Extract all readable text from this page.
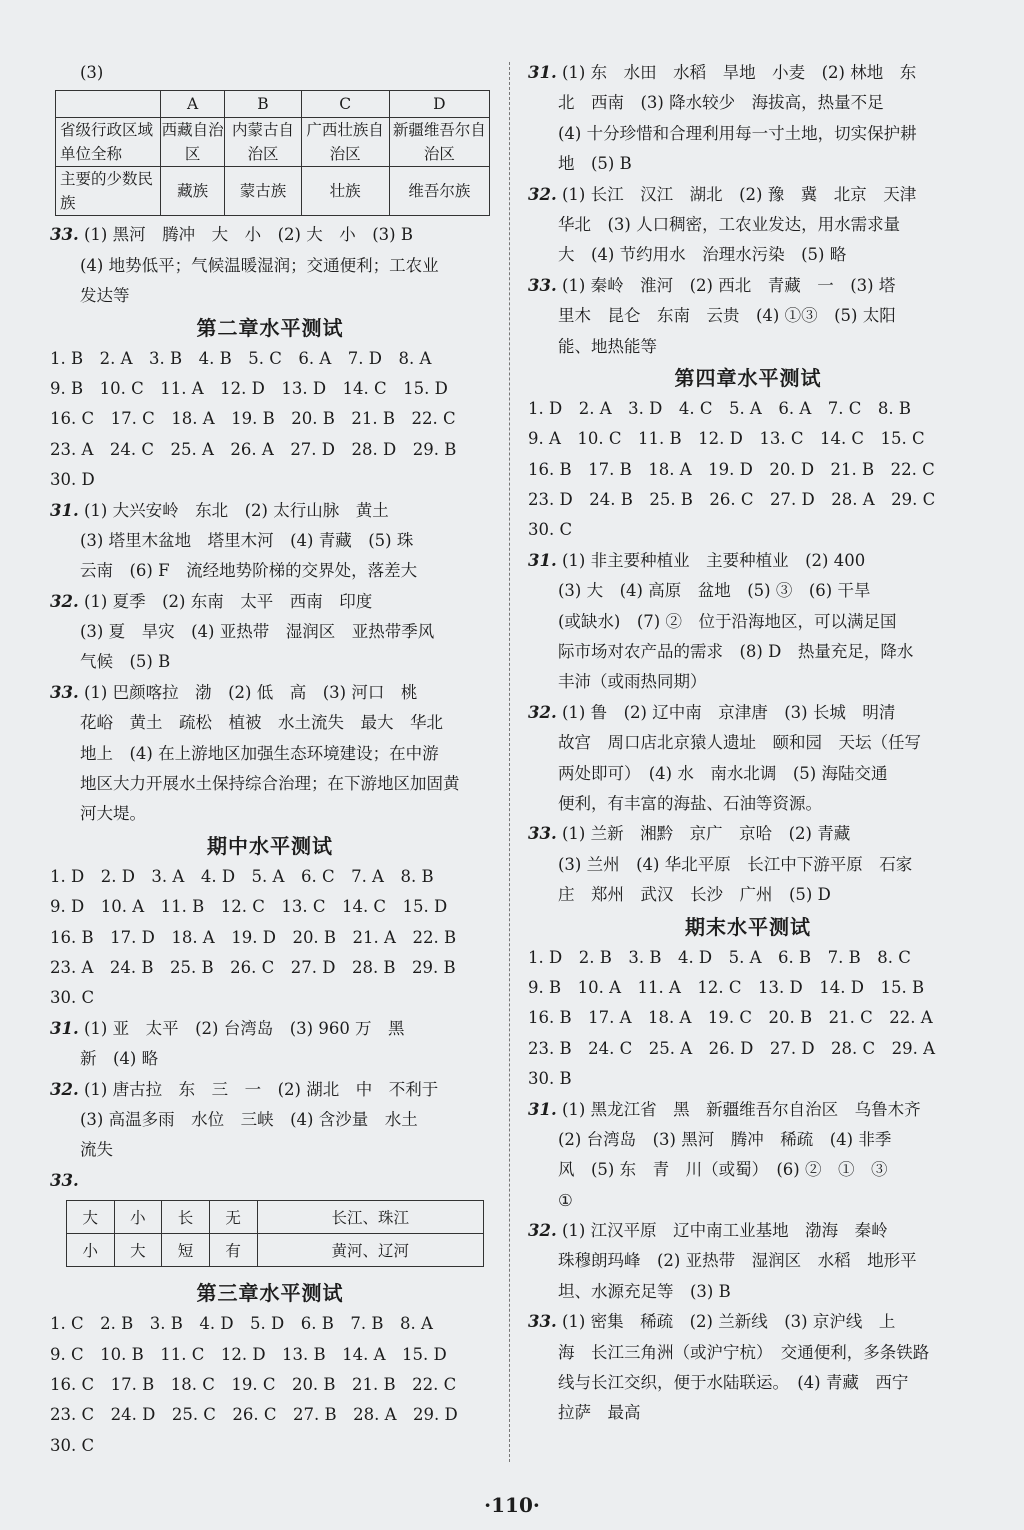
(3)
	A	B	C	D
省级行政区域单位全称	西藏自治区	内蒙古自治区	广西壮族自治区	新疆维吾尔自治区
主要的少数民族	藏族	蒙古族	壮族	维吾尔族
33. (1) 黑河　腾冲　大　小　(2) 大　小　(3) B
(4) 地势低平；气候温暖湿润；交通便利；工农业
发达等
第二章水平测试
1. B　2. A　3. B　4. B　5. C　6. A　7. D　8. A
9. B　10. C　11. A　12. D　13. D　14. C　15. D
16. C　17. C　18. A　19. B　20. B　21. B　22. C
23. A　24. C　25. A　26. A　27. D　28. D　29. B
30. D
31. (1) 大兴安岭　东北　(2) 太行山脉　黄土
(3) 塔里木盆地　塔里木河　(4) 青藏　(5) 珠
云南　(6) F　流经地势阶梯的交界处，落差大
32. (1) 夏季　(2) 东南　太平　西南　印度
(3) 夏　旱灾　(4) 亚热带　湿润区　亚热带季风
气候　(5) B
33. (1) 巴颜喀拉　渤　(2) 低　高　(3) 河口　桃
花峪　黄土　疏松　植被　水土流失　最大　华北
地上　(4) 在上游地区加强生态环境建设；在中游
地区大力开展水土保持综合治理；在下游地区加固黄
河大堤。
期中水平测试
1. D　2. D　3. A　4. D　5. A　6. C　7. A　8. B
9. D　10. A　11. B　12. C　13. C　14. C　15. D
16. B　17. D　18. A　19. D　20. B　21. A　22. B
23. A　24. B　25. B　26. C　27. D　28. B　29. B
30. C
31. (1) 亚　太平　(2) 台湾岛　(3) 960 万　黑
新　(4) 略
32. (1) 唐古拉　东　三　一　(2) 湖北　中　不利于
(3) 高温多雨　水位　三峡　(4) 含沙量　水土
流失
33.
大	小	长	无	长江、珠江
小	大	短	有	黄河、辽河
第三章水平测试
1. C　2. B　3. B　4. D　5. D　6. B　7. B　8. A
9. C　10. B　11. C　12. D　13. B　14. A　15. D
16. C　17. B　18. C　19. C　20. B　21. B　22. C
23. C　24. D　25. C　26. C　27. B　28. A　29. D
30. C
31. (1) 东　水田　水稻　旱地　小麦　(2) 林地　东
北　西南　(3) 降水较少　海拔高，热量不足
(4) 十分珍惜和合理利用每一寸土地，切实保护耕
地　(5) B
32. (1) 长江　汉江　湖北　(2) 豫　冀　北京　天津
华北　(3) 人口稠密，工农业发达，用水需求量
大　(4) 节约用水　治理水污染　(5) 略
33. (1) 秦岭　淮河　(2) 西北　青藏　一　(3) 塔
里木　昆仑　东南　云贵　(4) ①③　(5) 太阳
能、地热能等
第四章水平测试
1. D　2. A　3. D　4. C　5. A　6. A　7. C　8. B
9. A　10. C　11. B　12. D　13. C　14. C　15. C
16. B　17. B　18. A　19. D　20. D　21. B　22. C
23. D　24. B　25. B　26. C　27. D　28. A　29. C
30. C
31. (1) 非主要种植业　主要种植业　(2) 400
(3) 大　(4) 高原　盆地　(5) ③　(6) 干旱
(或缺水)　(7) ②　位于沿海地区，可以满足国
际市场对农产品的需求　(8) D　热量充足，降水
丰沛（或雨热同期）
32. (1) 鲁　(2) 辽中南　京津唐　(3) 长城　明清
故宫　周口店北京猿人遗址　颐和园　天坛（任写
两处即可）　(4) 水　南水北调　(5) 海陆交通
便利，有丰富的海盐、石油等资源。
33. (1) 兰新　湘黔　京广　京哈　(2) 青藏
(3) 兰州　(4) 华北平原　长江中下游平原　石家
庄　郑州　武汉　长沙　广州　(5) D
期末水平测试
1. D　2. B　3. B　4. D　5. A　6. B　7. B　8. C
9. B　10. A　11. A　12. C　13. D　14. D　15. B
16. B　17. A　18. A　19. C　20. B　21. C　22. A
23. B　24. C　25. A　26. D　27. D　28. C　29. A
30. B
31. (1) 黑龙江省　黑　新疆维吾尔自治区　乌鲁木齐
(2) 台湾岛　(3) 黑河　腾冲　稀疏　(4) 非季
风　(5) 东　青　川（或蜀）　(6) ②　①　③
①
32. (1) 江汉平原　辽中南工业基地　渤海　秦岭
珠穆朗玛峰　(2) 亚热带　湿润区　水稻　地形平
坦、水源充足等　(3) B
33. (1) 密集　稀疏　(2) 兰新线　(3) 京沪线　上
海　长江三角洲（或沪宁杭）　交通便利，多条铁路
线与长江交织，便于水陆联运。　(4) 青藏　西宁
拉萨　最高
·110·
